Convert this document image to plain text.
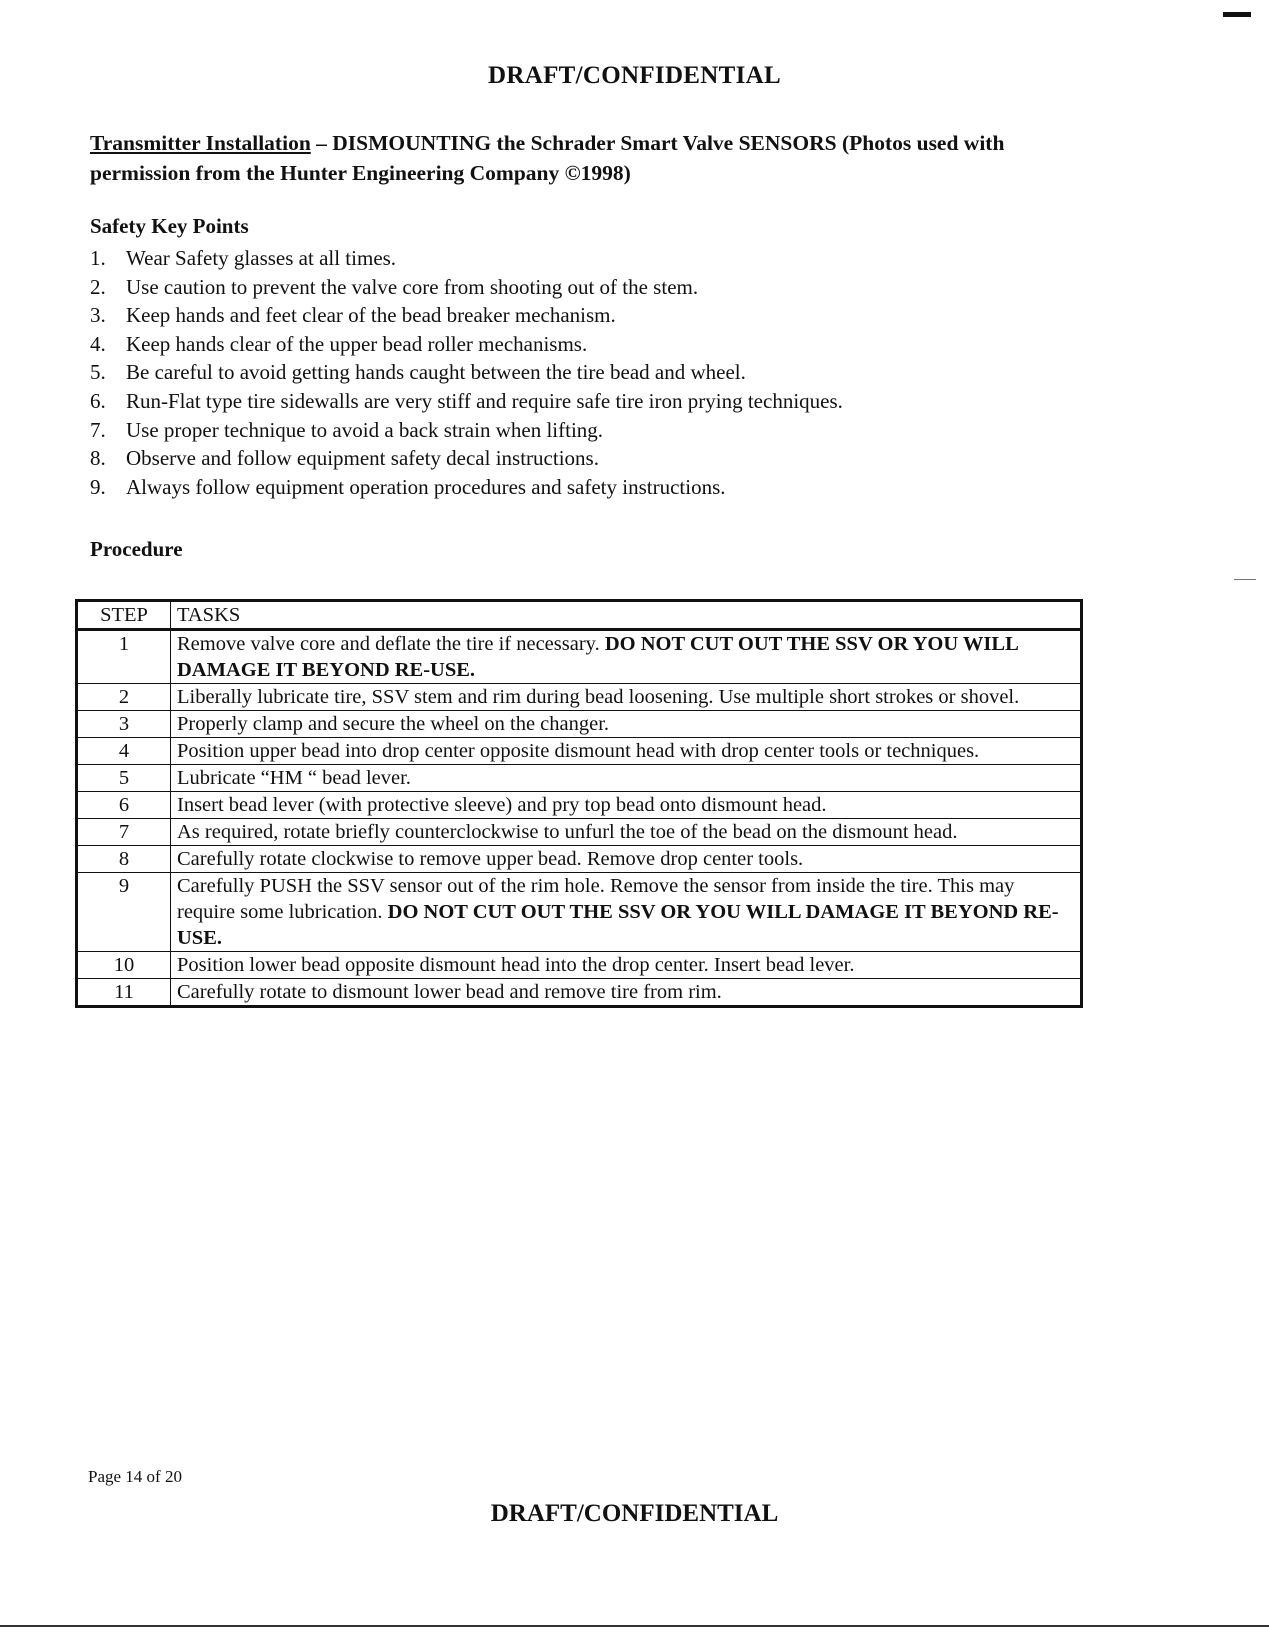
DRAFT/CONFIDENTIAL
Transmitter Installation – DISMOUNTING the Schrader Smart Valve SENSORS (Photos used with
permission from the Hunter Engineering Company ©1998)
Safety Key Points
1. Wear Safety glasses at all times.
2. Use caution to prevent the valve core from shooting out of the stem.
3. Keep hands and feet clear of the bead breaker mechanism.
4. Keep hands clear of the upper bead roller mechanisms.
5. Be careful to avoid getting hands caught between the tire bead and wheel.
6. Run-Flat type tire sidewalls are very stiff and require safe tire iron prying techniques.
7. Use proper technique to avoid a back strain when lifting.
8. Observe and follow equipment safety decal instructions.
9. Always follow equipment operation procedures and safety instructions.
Procedure
STEP	TASKS
1	Remove valve core and deflate the tire if necessary. DO NOT CUT OUT THE SSV OR YOU WILL DAMAGE IT BEYOND RE-USE.
2	Liberally lubricate tire, SSV stem and rim during bead loosening. Use multiple short strokes or shovel.
3	Properly clamp and secure the wheel on the changer.
4	Position upper bead into drop center opposite dismount head with drop center tools or techniques.
5	Lubricate “HM “ bead lever.
6	Insert bead lever (with protective sleeve) and pry top bead onto dismount head.
7	As required, rotate briefly counterclockwise to unfurl the toe of the bead on the dismount head.
8	Carefully rotate clockwise to remove upper bead. Remove drop center tools.
9	Carefully PUSH the SSV sensor out of the rim hole. Remove the sensor from inside the tire. This may require some lubrication. DO NOT CUT OUT THE SSV OR YOU WILL DAMAGE IT BEYOND RE-USE.
10	Position lower bead opposite dismount head into the drop center. Insert bead lever.
11	Carefully rotate to dismount lower bead and remove tire from rim.
Page 14 of 20
DRAFT/CONFIDENTIAL
